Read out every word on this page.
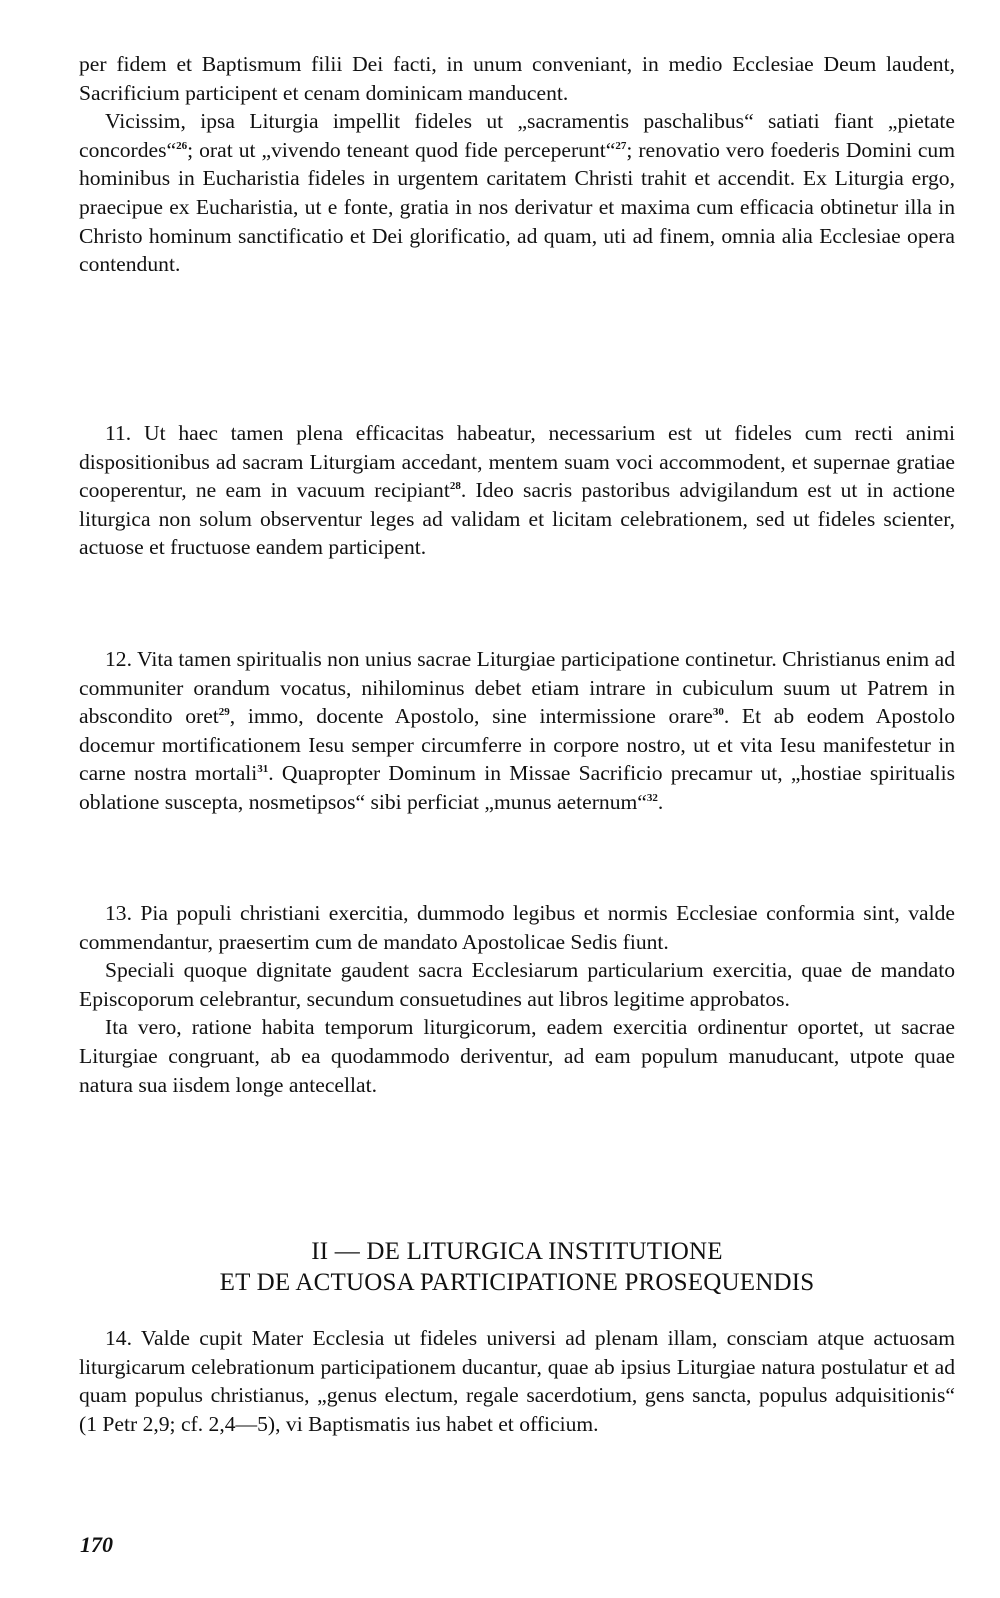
per fidem et Baptismum filii Dei facti, in unum conveniant, in medio Ecclesiae Deum laudent, Sacrificium participent et cenam dominicam manducent.

Vicissim, ipsa Liturgia impellit fideles ut „sacramentis paschalibus“ satiati fiant „pietate concordes“$^{26}$; orat ut „vivendo teneant quod fide perceperunt“$^{27}$; renovatio vero foederis Domini cum hominibus in Eucharistia fideles in urgentem caritatem Christi trahit et accendit. Ex Liturgia ergo, praecipue ex Eucharistia, ut e fonte, gratia in nos derivatur et maxima cum efficacia obtinetur illa in Christo hominum sanctificatio et Dei glorificatio, ad quam, uti ad finem, omnia alia Ecclesiae opera contendunt.

11. Ut haec tamen plena efficacitas habeatur, necessarium est ut fideles cum recti animi dispositionibus ad sacram Liturgiam accedant, mentem suam voci accommodent, et supernae gratiae cooperentur, ne eam in vacuum recipiant$^{28}$. Ideo sacris pastoribus advigilandum est ut in actione liturgica non solum observentur leges ad validam et licitam celebrationem, sed ut fideles scienter, actuose et fructuose eandem participent.

12. Vita tamen spiritualis non unius sacrae Liturgiae participatione continetur. Christianus enim ad communiter orandum vocatus, nihilominus debet etiam intrare in cubiculum suum ut Patrem in abscondito oret$^{29}$, immo, docente Apostolo, sine intermissione orare$^{30}$. Et ab eodem Apostolo docemur mortificationem Iesu semper circumferre in corpore nostro, ut et vita Iesu manifestetur in carne nostra mortali$^{31}$. Quapropter Dominum in Missae Sacrificio precamur ut, „hostiae spiritualis oblatione suscepta, nosmetipsos“ sibi perficiat „munus aeternum“$^{32}$.

13. Pia populi christiani exercitia, dummodo legibus et normis Ecclesiae conformia sint, valde commendantur, praesertim cum de mandato Apostolicae Sedis fiunt.

Speciali quoque dignitate gaudent sacra Ecclesiarum particularium exercitia, quae de mandato Episcoporum celebrantur, secundum consuetudines aut libros legitime approbatos.

Ita vero, ratione habita temporum liturgicorum, eadem exercitia ordinentur oportet, ut sacrae Liturgiae congruant, ab ea quodammodo deriventur, ad eam populum manuducant, utpote quae natura sua iisdem longe antecellat.

II — DE LITURGICA INSTITUTIONE
ET DE ACTUOSA PARTICIPATIONE PROSEQUENDIS

14. Valde cupit Mater Ecclesia ut fideles universi ad plenam illam, consciam atque actuosam liturgicarum celebrationum participationem ducantur, quae ab ipsius Liturgiae natura postulatur et ad quam populus christianus, „genus electum, regale sacerdotium, gens sancta, populus adquisitionis“ (1 Petr 2,9; cf. 2,4—5), vi Baptismatis ius habet et officium.

170
